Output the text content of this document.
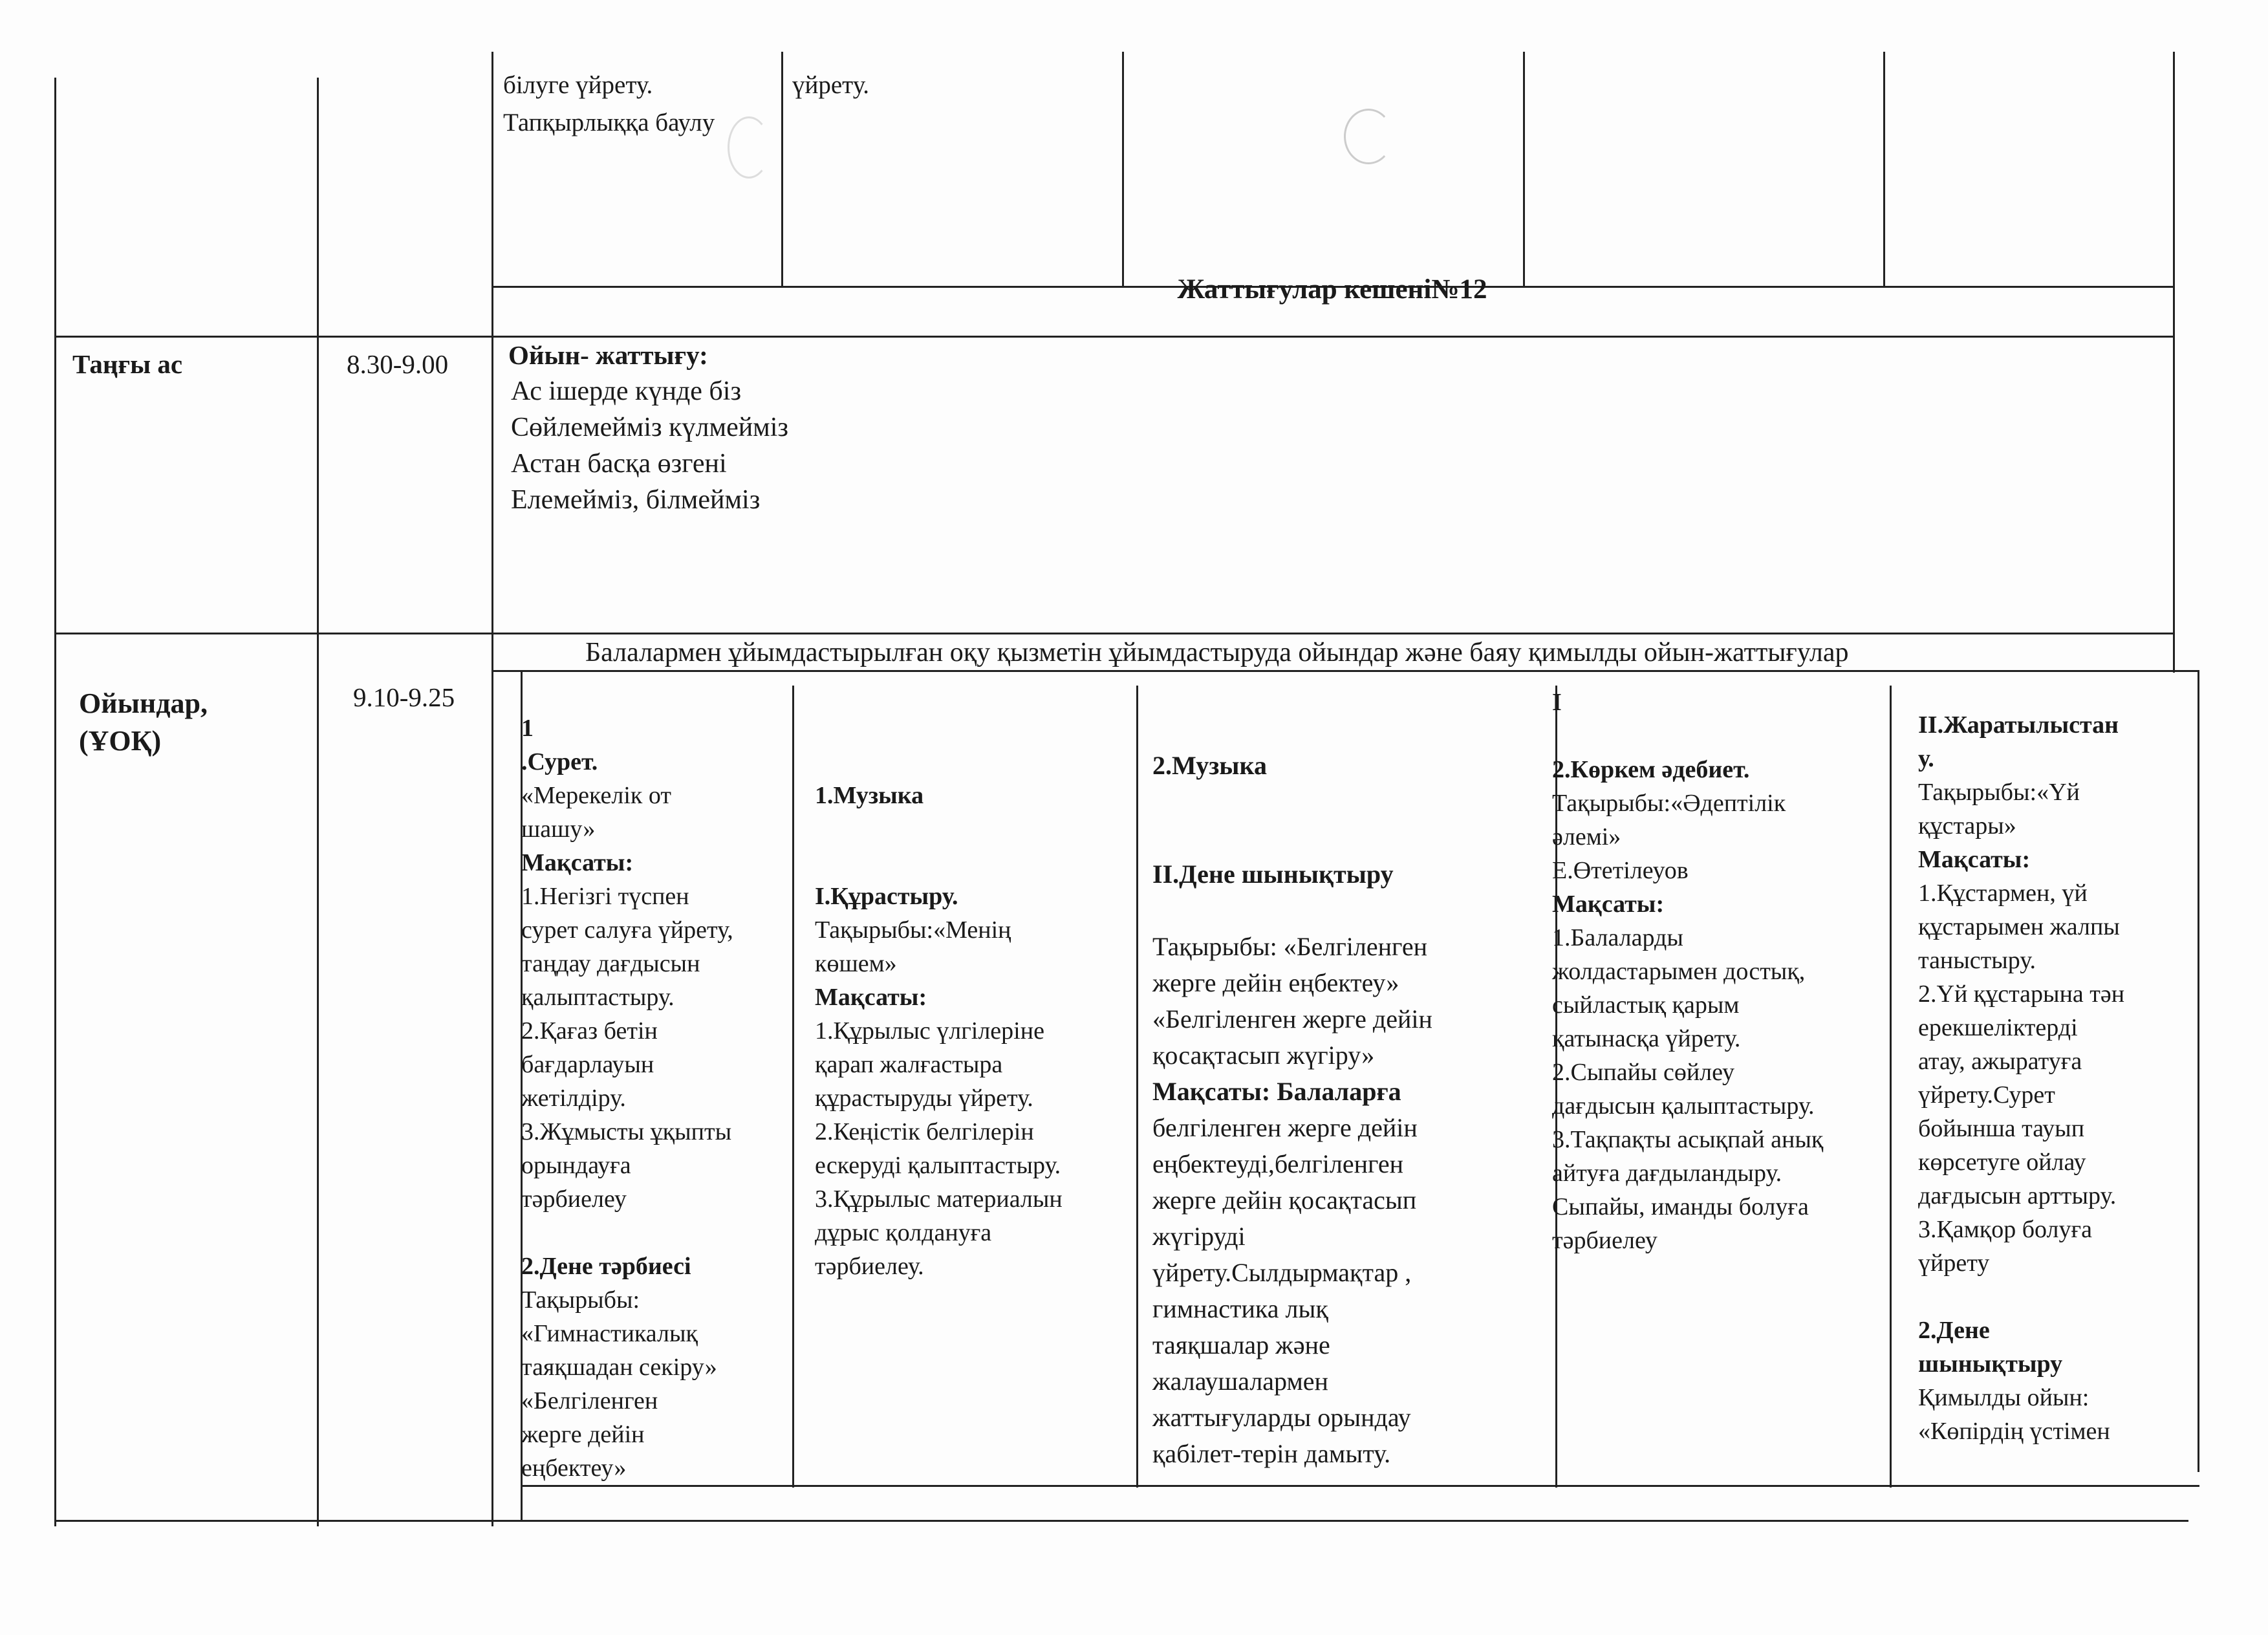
білуге үйрету.
Тапқырлыққа баулу
үйрету.
Жаттығулар кешені№12
Таңғы ас	8.30-9.00 Ойын- жаттығу:
Ас ішерде күнде біз
Сөйлемейміз күлмейміз
Астан басқа өзгені
Елемейміз, білмейміз
Ойындар,
(ҰОҚ)
9.10-9.25
Балалармен ұйымдастырылған оқу қызметін ұйымдастыруда ойындар және баяу қимылды ойын-жаттығулар
1
.Сурет.
«Мерекелік от
шашу»
Мақсаты:
1.Негізгі түспен
сурет салуға үйрету,
таңдау дағдысын
қалыптастыру.
2.Қағаз бетін
бағдарлауын
жетілдіру.
3.Жұмысты ұқыпты
орындауға
тәрбиелеу

2.Дене тәрбиесі
Тақырыбы:
«Гимнастикалық
таяқшадан секіру»
«Белгіленген
жерге дейін
еңбектеу»

1.Музыка

І.Құрастыру.
Тақырыбы:«Менің
көшем»
Мақсаты:
1.Құрылыс үлгілеріне
қарап жалғастыра
құрастыруды үйрету.
2.Кеңістік белгілерін
ескеруді қалыптастыру.
3.Құрылыс материалын
дұрыс қолдануға
тәрбиелеу.

2.Музыка

ІІ.Дене шынықтыру

Тақырыбы: «Белгіленген
жерге дейін еңбектеу»
«Белгіленген жерге дейін
қосақтасып жүгіру»
Мақсаты: Балаларға
белгіленген жерге дейін
еңбектеуді,белгіленген
жерге дейін қосақтасып
жүгіруді
үйрету.Сылдырмақтар ,
гимнастика лық
таяқшалар және
жалаушалармен
жаттығуларды орындау
қабілет-терін дамыту.
І

2.Көркем әдебиет.
Тақырыбы:«Әдептілік
әлемі»
Е.Өтетілеуов
Мақсаты:
1.Балаларды
жолдастарымен достық,
сыйластық қарым
қатынасқа үйрету.
2.Сыпайы сөйлеу
дағдысын қалыптастыру.
3.Тақпақты асықпай анық
айтуға дағдыландыру.
Сыпайы, иманды болуға
тәрбиелеу
ІІ.Жаратылыстан
у.
Тақырыбы:«Үй
құстары»
Мақсаты:
1.Құстармен, үй
құстарымен жалпы
таныстыру.
2.Үй құстарына тән
ерекшеліктерді
атау, ажыратуға
үйрету.Сурет
бойынша тауып
көрсетуге ойлау
дағдысын арттыру.
3.Қамқор болуға
үйрету

2.Дене
шынықтыру
Қимылды ойын:
«Көпірдің үстімен
